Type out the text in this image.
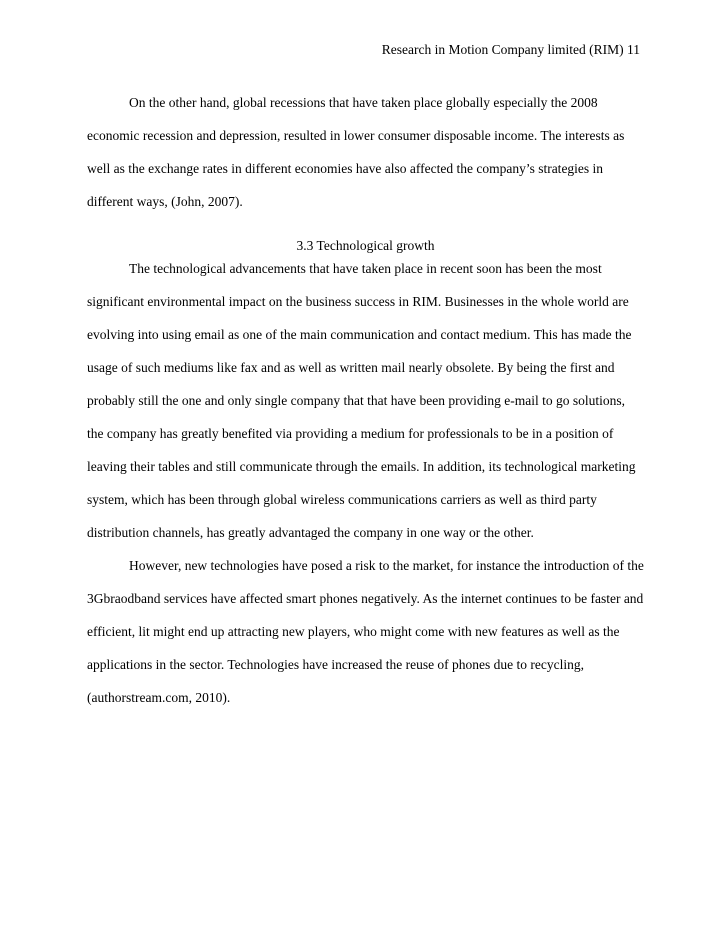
Research in Motion Company limited (RIM) 11

On the other hand, global recessions that have taken place globally especially the 2008 economic recession and depression, resulted in lower consumer disposable income. The interests as well as the exchange rates in different economies have also affected the company’s strategies in different ways, (John, 2007).

3.3 Technological growth

The technological advancements that have taken place in recent soon has been the most significant environmental impact on the business success in RIM. Businesses in the whole world are evolving into using email as one of the main communication and contact medium. This has made the usage of such mediums like fax and as well as written mail nearly obsolete. By being the first and probably still the one and only single company that that have been providing e-mail to go solutions, the company has greatly benefited via providing a medium for professionals to be in a position of leaving their tables and still communicate through the emails. In addition, its technological marketing system, which has been through global wireless communications carriers as well as third party distribution channels, has greatly advantaged the company in one way or the other.

However, new technologies have posed a risk to the market, for instance the introduction of the 3Gbraodband services have affected smart phones negatively. As the internet continues to be faster and efficient, lit might end up attracting new players, who might come with new features as well as the applications in the sector. Technologies have increased the reuse of phones due to recycling, (authorstream.com, 2010).
